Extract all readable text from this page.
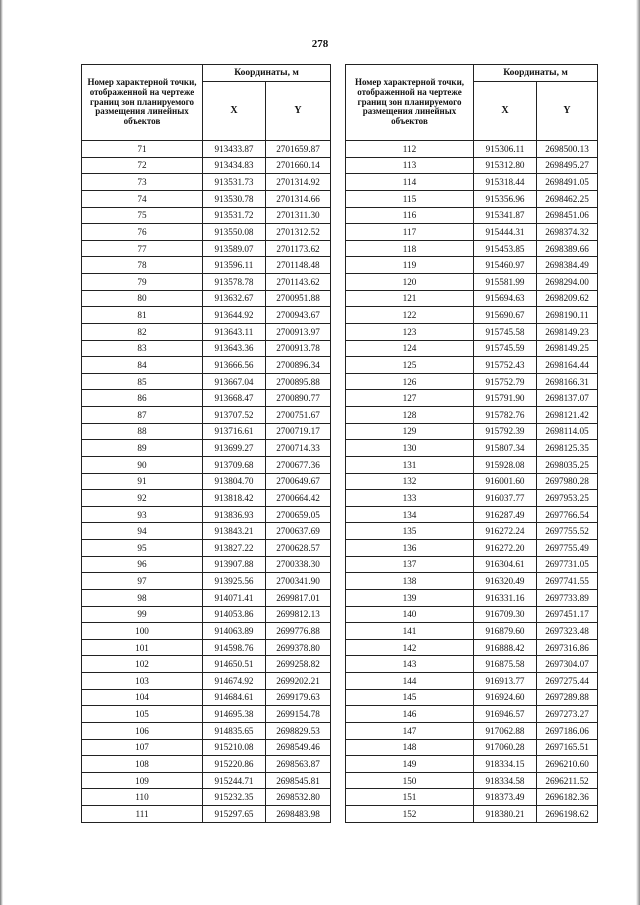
278
Номер характерной точки, отображенной на чертеже границ зон планируемого размещения линейных объектов	Координаты, м	
	X	Y
71	913433.87	2701659.87
72	913434.83	2701660.14
73	913531.73	2701314.92
74	913530.78	2701314.66
75	913531.72	2701311.30
76	913550.08	2701312.52
77	913589.07	2701173.62
78	913596.11	2701148.48
79	913578.78	2701143.62
80	913632.67	2700951.88
81	913644.92	2700943.67
82	913643.11	2700913.97
83	913643.36	2700913.78
84	913666.56	2700896.34
85	913667.04	2700895.88
86	913668.47	2700890.77
87	913707.52	2700751.67
88	913716.61	2700719.17
89	913699.27	2700714.33
90	913709.68	2700677.36
91	913804.70	2700649.67
92	913818.42	2700664.42
93	913836.93	2700659.05
94	913843.21	2700637.69
95	913827.22	2700628.57
96	913907.88	2700338.30
97	913925.56	2700341.90
98	914071.41	2699817.01
99	914053.86	2699812.13
100	914063.89	2699776.88
101	914598.76	2699378.80
102	914650.51	2699258.82
103	914674.92	2699202.21
104	914684.61	2699179.63
105	914695.38	2699154.78
106	914835.65	2698829.53
107	915210.08	2698549.46
108	915220.86	2698563.87
109	915244.71	2698545.81
110	915232.35	2698532.80
111	915297.65	2698483.98
Номер характерной точки, отображенной на чертеже границ зон планируемого размещения линейных объектов	Координаты, м	
	X	Y
112	915306.11	2698500.13
113	915312.80	2698495.27
114	915318.44	2698491.05
115	915356.96	2698462.25
116	915341.87	2698451.06
117	915444.31	2698374.32
118	915453.85	2698389.66
119	915460.97	2698384.49
120	915581.99	2698294.00
121	915694.63	2698209.62
122	915690.67	2698190.11
123	915745.58	2698149.23
124	915745.59	2698149.25
125	915752.43	2698164.44
126	915752.79	2698166.31
127	915791.90	2698137.07
128	915782.76	2698121.42
129	915792.39	2698114.05
130	915807.34	2698125.35
131	915928.08	2698035.25
132	916001.60	2697980.28
133	916037.77	2697953.25
134	916287.49	2697766.54
135	916272.24	2697755.52
136	916272.20	2697755.49
137	916304.61	2697731.05
138	916320.49	2697741.55
139	916331.16	2697733.89
140	916709.30	2697451.17
141	916879.60	2697323.48
142	916888.42	2697316.86
143	916875.58	2697304.07
144	916913.77	2697275.44
145	916924.60	2697289.88
146	916946.57	2697273.27
147	917062.88	2697186.06
148	917060.28	2697165.51
149	918334.15	2696210.60
150	918334.58	2696211.52
151	918373.49	2696182.36
152	918380.21	2696198.62
